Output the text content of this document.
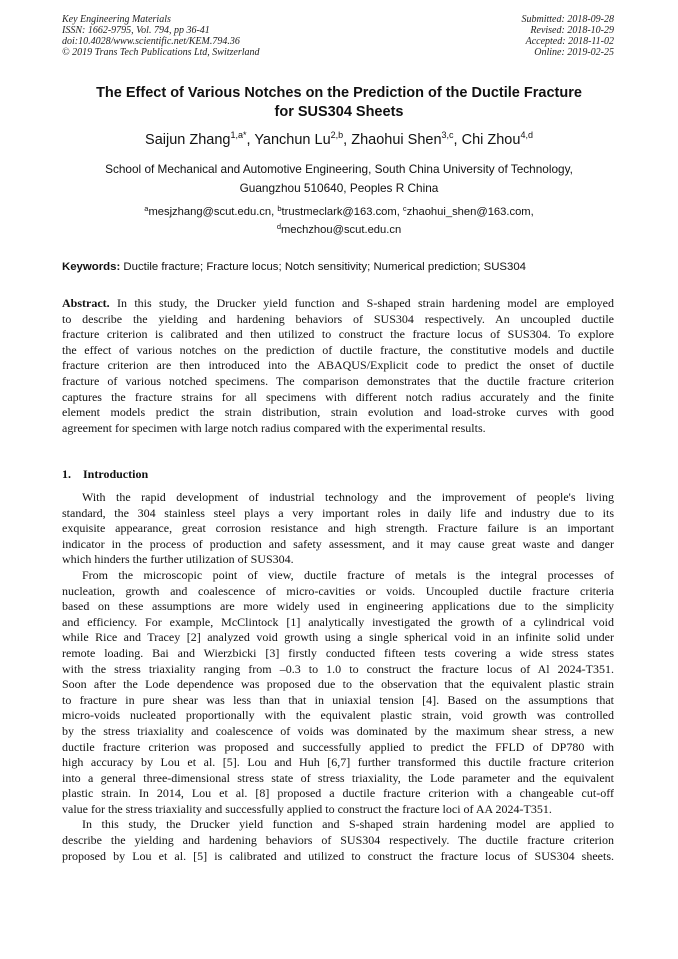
Key Engineering Materials
ISSN: 1662-9795, Vol. 794, pp 36-41
doi:10.4028/www.scientific.net/KEM.794.36
© 2019 Trans Tech Publications Ltd, Switzerland
Submitted: 2018-09-28
Revised: 2018-10-29
Accepted: 2018-11-02
Online: 2019-02-25
The Effect of Various Notches on the Prediction of the Ductile Fracture
for SUS304 Sheets
Saijun Zhang$^{1,a*}$, Yanchun Lu$^{2,b}$, Zhaohui Shen$^{3,c}$, Chi Zhou$^{4,d}$
School of Mechanical and Automotive Engineering, South China University of Technology,
Guangzhou 510640, Peoples R China
$^a$mesjzhang@scut.edu.cn, $^b$trustmeclark@163.com, $^c$zhaohui_shen@163.com,
$^d$mechzhou@scut.edu.cn
Keywords: Ductile fracture; Fracture locus; Notch sensitivity; Numerical prediction; SUS304
Abstract. In this study, the Drucker yield function and S-shaped strain hardening model are employed
to describe the yielding and hardening behaviors of SUS304 respectively. An uncoupled ductile
fracture criterion is calibrated and then utilized to construct the fracture locus of SUS304. To explore
the effect of various notches on the prediction of ductile fracture, the constitutive models and ductile
fracture criterion are then introduced into the ABAQUS/Explicit code to predict the onset of ductile
fracture of various notched specimens. The comparison demonstrates that the ductile fracture criterion
captures the fracture strains for all specimens with different notch radius accurately and the finite
element models predict the strain distribution, strain evolution and load-stroke curves with good
agreement for specimen with large notch radius compared with the experimental results.
1. Introduction
With the rapid development of industrial technology and the improvement of people's living
standard, the 304 stainless steel plays a very important roles in daily life and industry due to its
exquisite appearance, great corrosion resistance and high strength. Fracture failure is an important
indicator in the process of production and safety assessment, and it may cause great waste and danger
which hinders the further utilization of SUS304.
From the microscopic point of view, ductile fracture of metals is the integral processes of
nucleation, growth and coalescence of micro-cavities or voids. Uncoupled ductile fracture criteria
based on these assumptions are more widely used in engineering applications due to the simplicity
and efficiency. For example, McClintock [1] analytically investigated the growth of a cylindrical void
while Rice and Tracey [2] analyzed void growth using a single spherical void in an infinite solid under
remote loading. Bai and Wierzbicki [3] firstly conducted fifteen tests covering a wide stress states
with the stress triaxiality ranging from –0.3 to 1.0 to construct the fracture locus of Al 2024-T351.
Soon after the Lode dependence was proposed due to the observation that the equivalent plastic strain
to fracture in pure shear was less than that in uniaxial tension [4]. Based on the assumptions that
micro-voids nucleated proportionally with the equivalent plastic strain, void growth was controlled
by the stress triaxiality and coalescence of voids was dominated by the maximum shear stress, a new
ductile fracture criterion was proposed and successfully applied to predict the FFLD of DP780 with
high accuracy by Lou et al. [5]. Lou and Huh [6,7] further transformed this ductile fracture criterion
into a general three-dimensional stress state of stress triaxiality, the Lode parameter and the equivalent
plastic strain. In 2014, Lou et al. [8] proposed a ductile fracture criterion with a changeable cut-off
value for the stress triaxiality and successfully applied to construct the fracture loci of AA 2024-T351.
In this study, the Drucker yield function and S-shaped strain hardening model are applied to
describe the yielding and hardening behaviors of SUS304 respectively. The ductile fracture criterion
proposed by Lou et al. [5] is calibrated and utilized to construct the fracture locus of SUS304 sheets.
